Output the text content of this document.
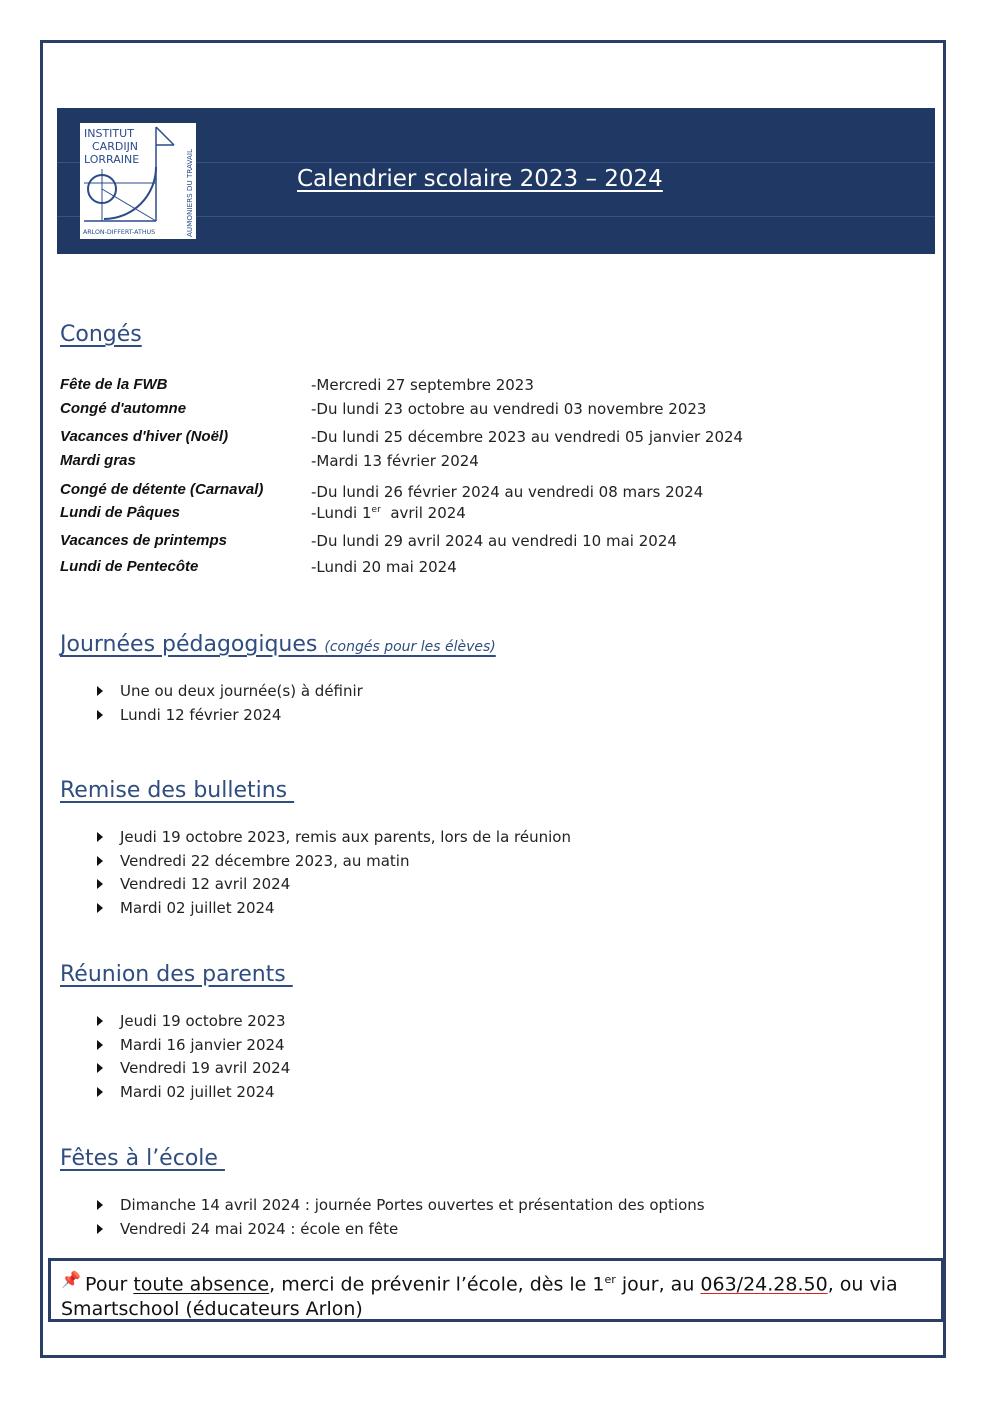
INSTITUT
CARDIJN
LORRAINE
ARLON-DIFFERT-ATHUS	AUMONIERS DU TRAVAIL	Calendrier scolaire 2023 – 2024
Congés
Fête de la FWB	-Mercredi 27 septembre 2023
Congé d'automne	-Du lundi 23 octobre au vendredi 03 novembre 2023
Vacances d'hiver (Noël)	-Du lundi 25 décembre 2023 au vendredi 05 janvier 2024
Mardi gras	-Mardi 13 février 2024
Congé de détente (Carnaval)	-Du lundi 26 février 2024 au vendredi 08 mars 2024
Lundi de Pâques	-Lundi 1er  avril 2024
Vacances de printemps	-Du lundi 29 avril 2024 au vendredi 10 mai 2024
Lundi de Pentecôte	-Lundi 20 mai 2024
Journées pédagogiques (congés pour les élèves)
Une ou deux journée(s) à définir
Lundi 12 février 2024
Remise des bulletins
Jeudi 19 octobre 2023, remis aux parents, lors de la réunion
Vendredi 22 décembre 2023, au matin
Vendredi 12 avril 2024
Mardi 02 juillet 2024
Réunion des parents
Jeudi 19 octobre 2023
Mardi 16 janvier 2024
Vendredi 19 avril 2024
Mardi 02 juillet 2024
Fêtes à l’école
Dimanche 14 avril 2024 : journée Portes ouvertes et présentation des options
Vendredi 24 mai 2024 : école en fête
📌 Pour toute absence, merci de prévenir l’école, dès le 1er jour, au 063/24.28.50, ou via Smartschool (éducateurs Arlon)
